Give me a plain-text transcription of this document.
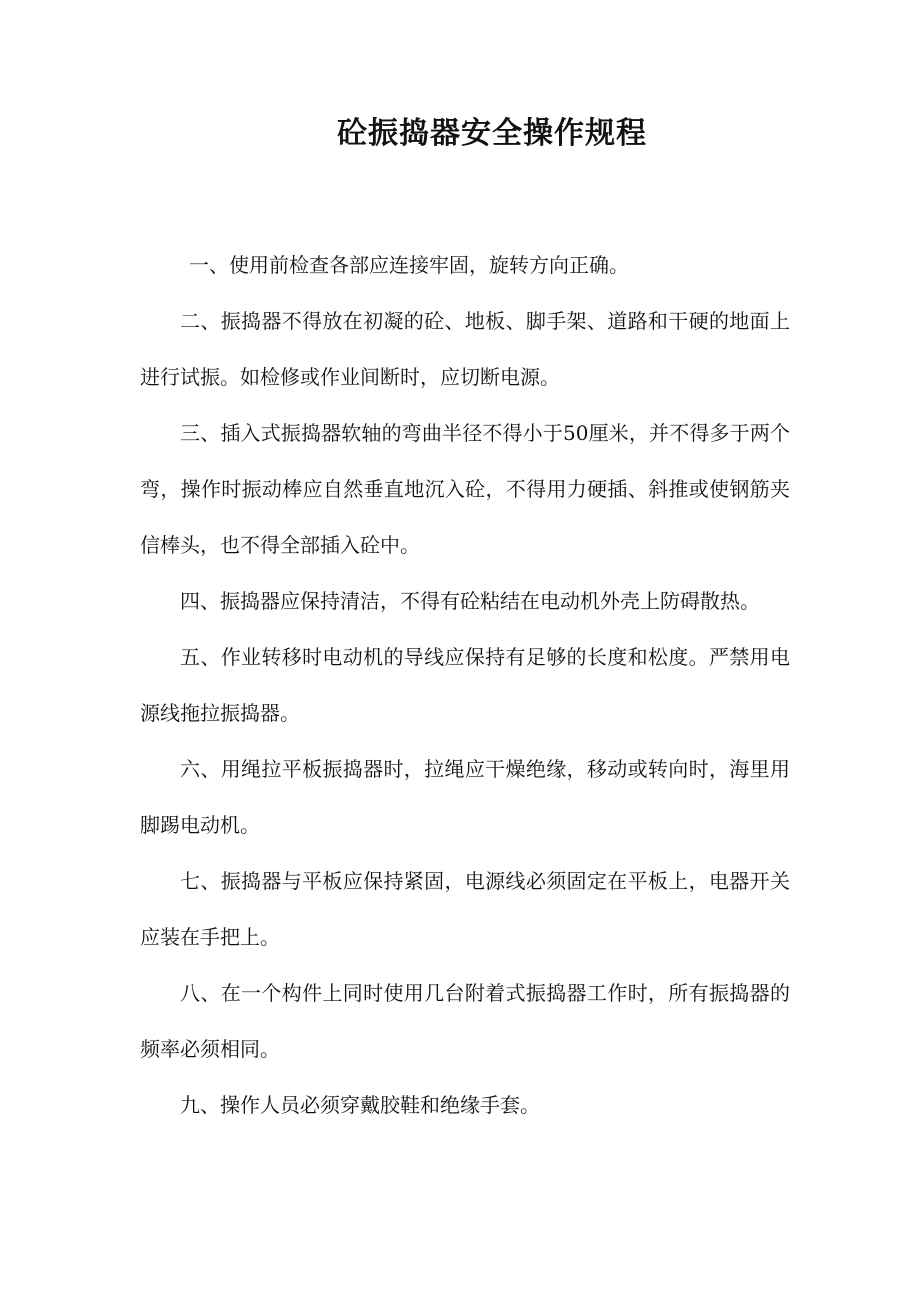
砼振捣器安全操作规程

一、使用前检查各部应连接牢固，旋转方向正确。

二、振捣器不得放在初凝的砼、地板、脚手架、道路和干硬的地面上进行试振。如检修或作业间断时，应切断电源。

三、插入式振捣器软轴的弯曲半径不得小于50厘米，并不得多于两个弯，操作时振动棒应自然垂直地沉入砼，不得用力硬插、斜推或使钢筋夹信棒头，也不得全部插入砼中。

四、振捣器应保持清洁，不得有砼粘结在电动机外壳上防碍散热。

五、作业转移时电动机的导线应保持有足够的长度和松度。严禁用电源线拖拉振捣器。

六、用绳拉平板振捣器时，拉绳应干燥绝缘，移动或转向时，海里用脚踢电动机。

七、振捣器与平板应保持紧固，电源线必须固定在平板上，电器开关应装在手把上。

八、在一个构件上同时使用几台附着式振捣器工作时，所有振捣器的频率必须相同。

九、操作人员必须穿戴胶鞋和绝缘手套。
